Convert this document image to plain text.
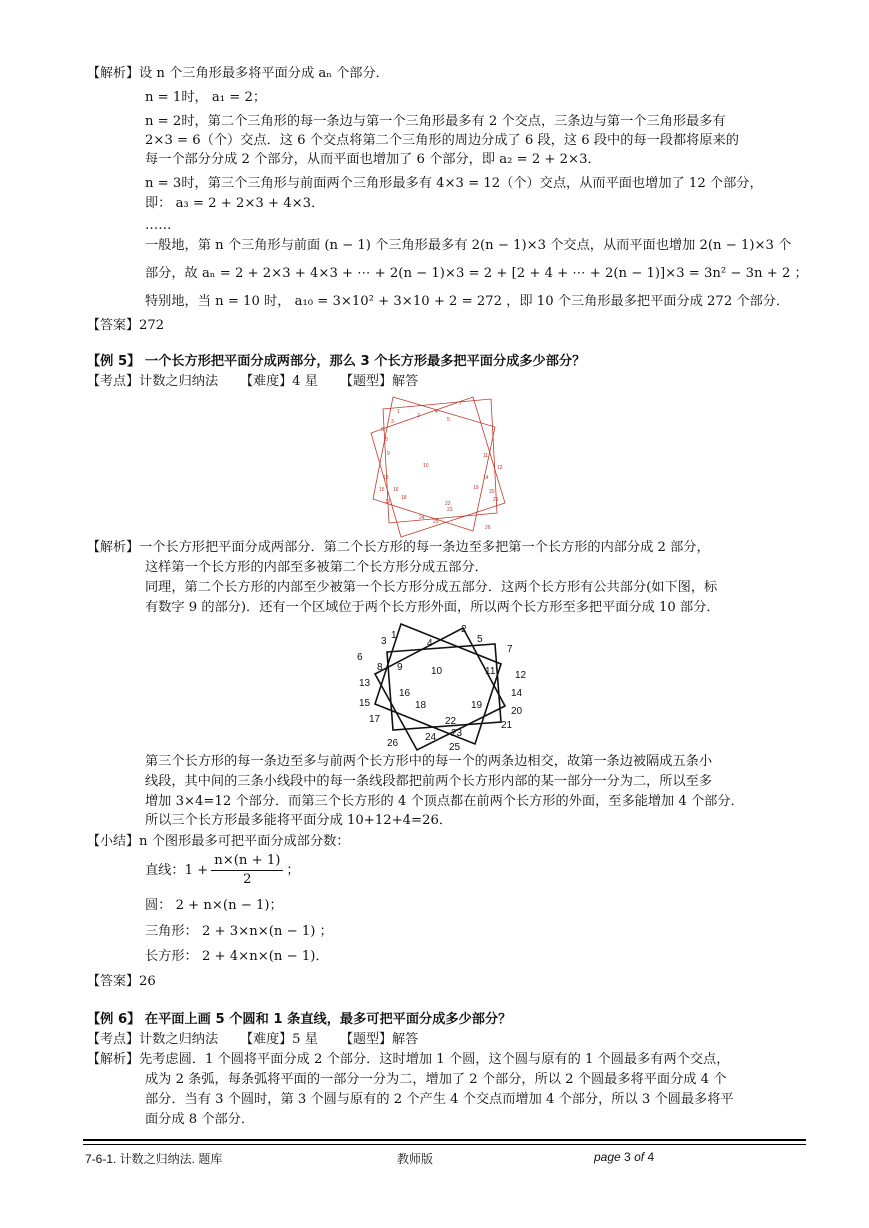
【解析】设 n 个三角形最多将平面分成 aₙ 个部分．
n = 1时， a₁ = 2；
n = 2时，第二个三角形的每一条边与第一个三角形最多有 2 个交点，三条边与第一个三角形最多有
2×3 = 6（个）交点．这 6 个交点将第二个三角形的周边分成了 6 段，这 6 段中的每一段都将原来的
每一个部分分成 2 个部分，从而平面也增加了 6 个部分，即 a₂ = 2 + 2×3．
n = 3时，第三个三角形与前面两个三角形最多有 4×3 = 12（个）交点，从而平面也增加了 12 个部分，
即： a₃ = 2 + 2×3 + 4×3．
……
一般地，第 n 个三角形与前面 (n − 1) 个三角形最多有 2(n − 1)×3 个交点，从而平面也增加 2(n − 1)×3 个
部分，故 aₙ = 2 + 2×3 + 4×3 + ⋯ + 2(n − 1)×3 = 2 + [2 + 4 + ⋯ + 2(n − 1)]×3 = 3n² − 3n + 2 ；
特别地，当 n = 10 时， a₁₀ = 3×10² + 3×10 + 2 = 272 ，即 10 个三角形最多把平面分成 272 个部分．
【答案】272
【例 5】 一个长方形把平面分成两部分，那么 3 个长方形最多把平面分成多少部分？
【考点】计数之归纳法 【难度】4 星 【题型】解答
1
2
3
4
5
6
7
8
9
10
11
12
13	14
15 16
17
18
19
20
21
22
23
24
25
26
【解析】一个长方形把平面分成两部分．第二个长方形的每一条边至多把第一个长方形的内部分成 2 部分，
这样第一个长方形的内部至多被第二个长方形分成五部分．
同理，第二个长方形的内部至少被第一个长方形分成五部分．这两个长方形有公共部分(如下图，标
有数字 9 的部分)．还有一个区域位于两个长方形外面，所以两个长方形至多把平面分成 10 部分．
1
2
3	4	5
6
7
8 9	10	11 12
13
14
15
16
17
18	19
20
21
22
23
24
25
26
第三个长方形的每一条边至多与前两个长方形中的每一个的两条边相交，故第一条边被隔成五条小
线段，其中间的三条小线段中的每一条线段都把前两个长方形内部的某一部分一分为二，所以至多
增加 3×4=12 个部分．而第三个长方形的 4 个顶点都在前两个长方形的外面，至多能增加 4 个部分．
所以三个长方形最多能将平面分成 10+12+4=26．
【小结】n 个图形最多可把平面分成部分数：
直线：$1 + \frac{n\times(n + 1)}{2}$ ；
圆： 2 + n×(n − 1)；
三角形： 2 + 3×n×(n − 1) ；
长方形： 2 + 4×n×(n − 1)．
【答案】26
【例 6】 在平面上画 5 个圆和 1 条直线，最多可把平面分成多少部分？
【考点】计数之归纳法 【难度】5 星 【题型】解答
【解析】先考虑圆．1 个圆将平面分成 2 个部分．这时增加 1 个圆，这个圆与原有的 1 个圆最多有两个交点，
成为 2 条弧，每条弧将平面的一部分一分为二，增加了 2 个部分，所以 2 个圆最多将平面分成 4 个
部分．当有 3 个圆时，第 3 个圆与原有的 2 个产生 4 个交点而增加 4 个部分，所以 3 个圆最多将平
面分成 8 个部分．
7-6-1. 计数之归纳法. 题库	教师版	page 3 of 4
